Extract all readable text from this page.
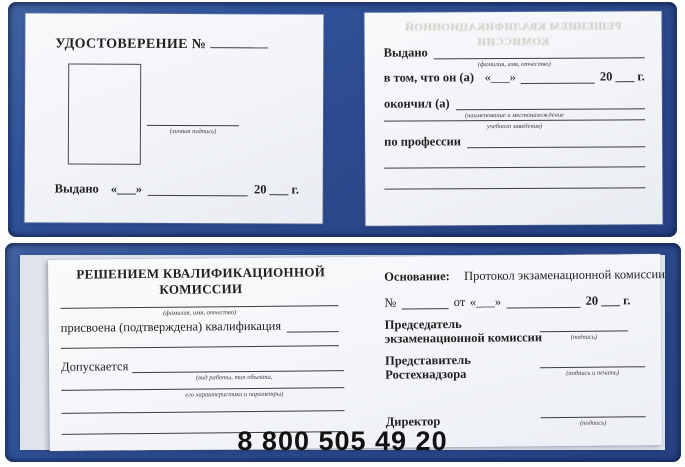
УДОСТОВЕРЕНИЕ №
(личная подпись)
Выдано «___»	20 ___ г.
РЕШЕНИЕМ КВАЛИФИКАЦИОННОЙ
КОМИССИИ
Выдано
(фамилия, имя, отчество)
в том, что он (а) «___»	20 ___ г.
окончил (а)
(наименование и местонахождение
учебного заведения)
по профессии
РЕШЕНИЕМ КВАЛИФИКАЦИОННОЙ
КОМИССИИ
(фамилия, имя, отчество)
присвоена (подтверждена) квалификация
Допускается
(вид работы, тип объекта,
его характеристики и параметры)
Основание: Протокол экзаменационной комиссии
№	от «___»	20 ___ г.
Председатель
экзаменационной комиссии	(подпись)
Представитель
Ростехнадзора	(подпись и печать)
Директор	(подпись)
8 800 505 49 20
